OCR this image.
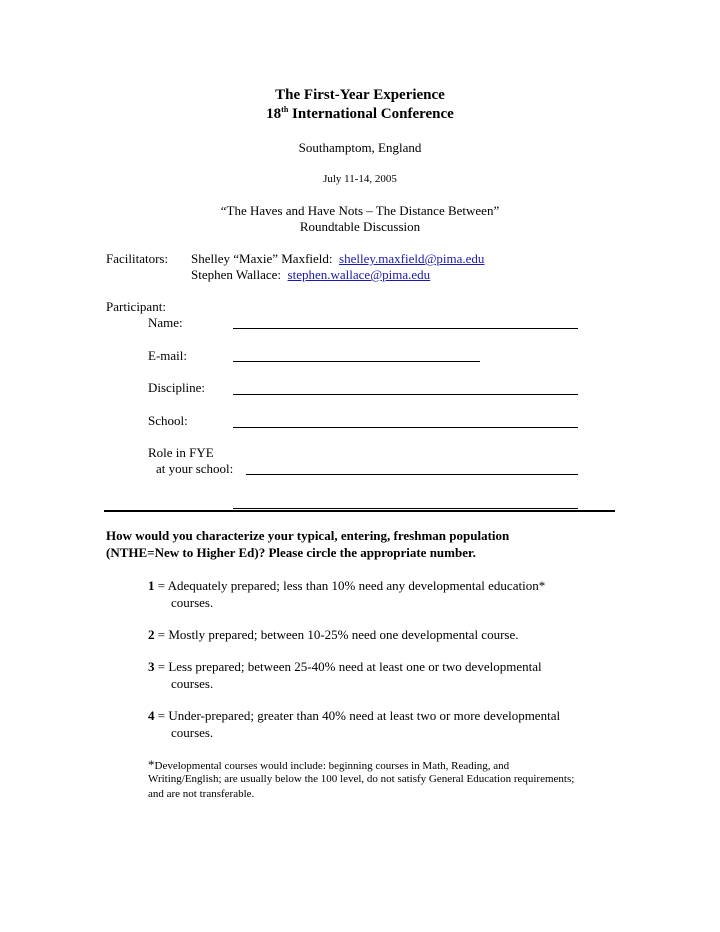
The First-Year Experience
18th International Conference
Southamptom, England
July 11-14, 2005
“The Haves and Have Nots – The Distance Between”
Roundtable Discussion
Facilitators: Shelley “Maxie” Maxfield: shelley.maxfield@pima.edu
Stephen Wallace: stephen.wallace@pima.edu
Participant:
Name:
E-mail:
Discipline:
School:
Role in FYE
at your school:
How would you characterize your typical, entering, freshman population
(NTHE=New to Higher Ed)? Please circle the appropriate number.
1 = Adequately prepared; less than 10% need any developmental education*
courses.
2 = Mostly prepared; between 10-25% need one developmental course.
3 = Less prepared; between 25-40% need at least one or two developmental
courses.
4 = Under-prepared; greater than 40% need at least two or more developmental
courses.
*Developmental courses would include: beginning courses in Math, Reading, and
Writing/English; are usually below the 100 level, do not satisfy General Education requirements;
and are not transferable.
